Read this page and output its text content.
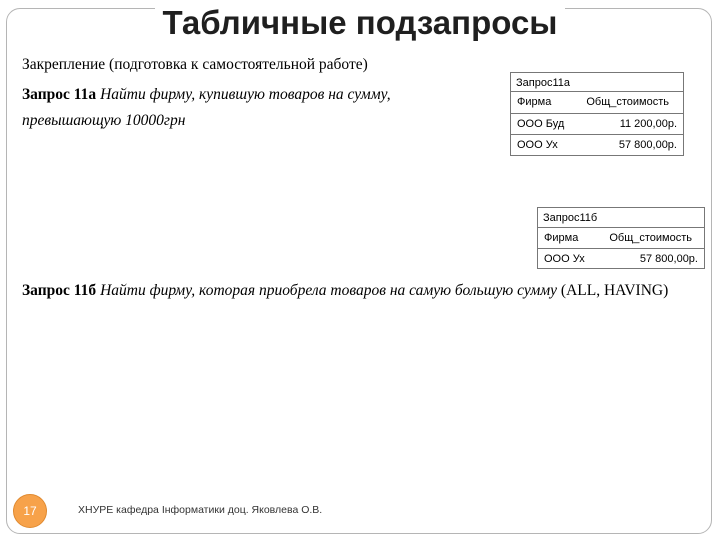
Табличные подзапросы
Закрепление (подготовка к самостоятельной работе)
Запрос 11а Найти фирму, купившую товаров на сумму, превышающую 10000грн
Запрос 11б Найти фирму, которая приобрела товаров на самую большую сумму (ALL, HAVING)
Запрос11а
Фирма	Общ_стоимость
ООО Буд	11 200,00р.
ООО Ух	57 800,00р.
Запрос11б
Фирма	Общ_стоимость
ООО Ух	57 800,00р.
17	ХНУРЕ кафедра Інформатики доц. Яковлева О.В.
